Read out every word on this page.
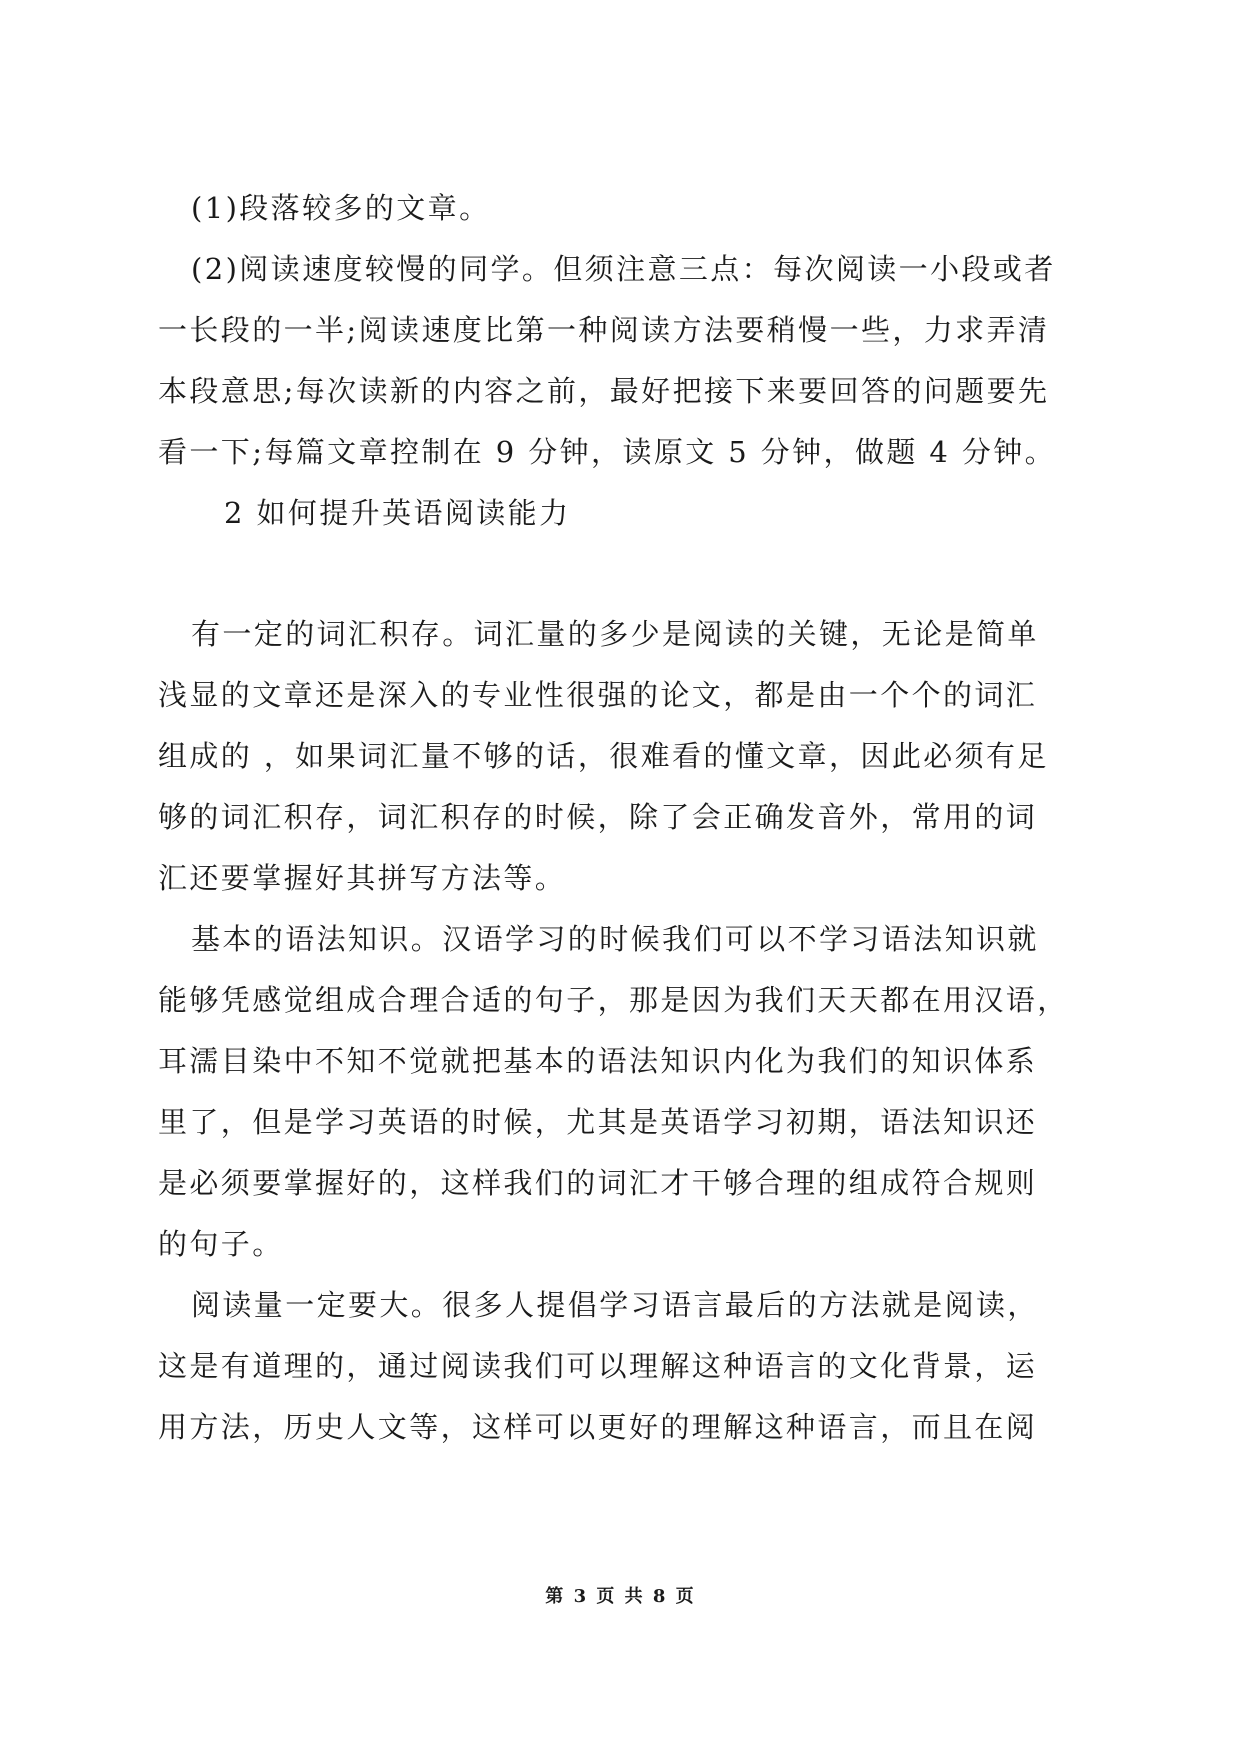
(1)段落较多的文章。
(2)阅读速度较慢的同学。但须注意三点：每次阅读一小段或者
一长段的一半;阅读速度比第一种阅读方法要稍慢一些，力求弄清
本段意思;每次读新的内容之前，最好把接下来要回答的问题要先
看一下;每篇文章控制在 9 分钟，读原文 5 分钟，做题 4 分钟。
2 如何提升英语阅读能力
有一定的词汇积存。词汇量的多少是阅读的关键，无论是简单
浅显的文章还是深入的专业性很强的论文，都是由一个个的词汇
组成的 ，如果词汇量不够的话，很难看的懂文章，因此必须有足
够的词汇积存，词汇积存的时候，除了会正确发音外，常用的词
汇还要掌握好其拼写方法等。
基本的语法知识。汉语学习的时候我们可以不学习语法知识就
能够凭感觉组成合理合适的句子，那是因为我们天天都在用汉语，
耳濡目染中不知不觉就把基本的语法知识内化为我们的知识体系
里了，但是学习英语的时候，尤其是英语学习初期，语法知识还
是必须要掌握好的，这样我们的词汇才干够合理的组成符合规则
的句子。
阅读量一定要大。很多人提倡学习语言最后的方法就是阅读，
这是有道理的，通过阅读我们可以理解这种语言的文化背景，运
用方法，历史人文等，这样可以更好的理解这种语言，而且在阅
第 3 页 共 8 页
